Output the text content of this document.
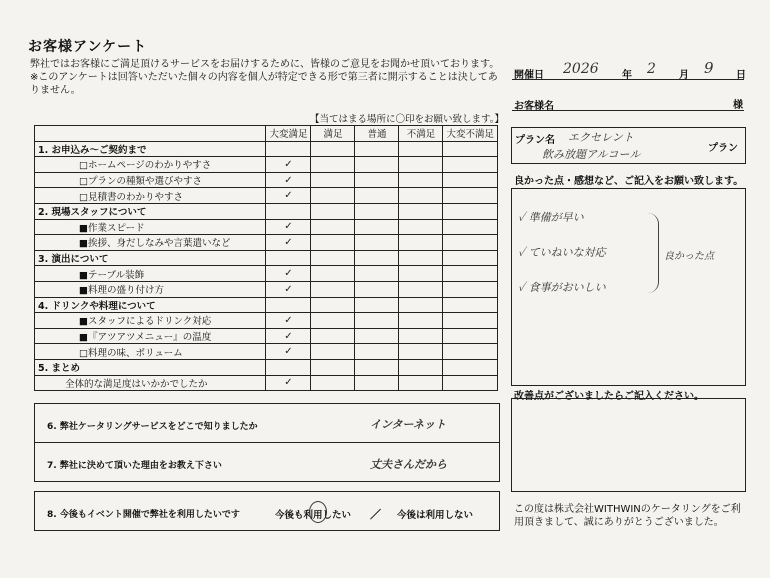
お客様アンケート
弊社ではお客様にご満足頂けるサービスをお届けするために、皆様のご意見をお聞かせ頂いております。※このアンケートは回答いただいた個々の内容を個人が特定できる形で第三者に開示することは決してありません。
【当てはまる場所に〇印をお願い致します。】
	大変満足	満足	普通	不満足	大変不満足
1. お申込み～ご契約まで					
□ホームページのわかりやすさ	✓				
□プランの種類や選びやすさ	✓				
□見積書のわかりやすさ	✓				
2. 現場スタッフについて					
■作業スピード	✓				
■挨拶、身だしなみや言葉遣いなど	✓				
3. 演出について					
■テーブル装飾	✓				
■料理の盛り付け方	✓				
4. ドリンクや料理について					
■スタッフによるドリンク対応	✓				
■『アツアツメニュー』の温度	✓				
□料理の味、ボリューム	✓				
5. まとめ					
全体的な満足度はいかかでしたか	✓				
6. 弊社ケータリングサービスをどこで知りましたか	インターネット
7. 弊社に決めて頂いた理由をお教え下さい	丈夫さんだから
8. 今後もイベント開催で弊社を利用したいです	今後も利用したい ／ 今後は利用しない
開催日 2026 年 2 月 9 日
お客様名	様
プラン名 エクセレント
飲み放題アルコール	プラン
良かった点・感想など、ご記入をお願い致します。
✓ 準備が早い
✓ ていねいな対応
✓ 食事がおいしい
良かった点
改善点がございましたらご記入ください。
この度は株式会社WITHWINのケータリングをご利用頂きまして、誠にありがとうございました。
